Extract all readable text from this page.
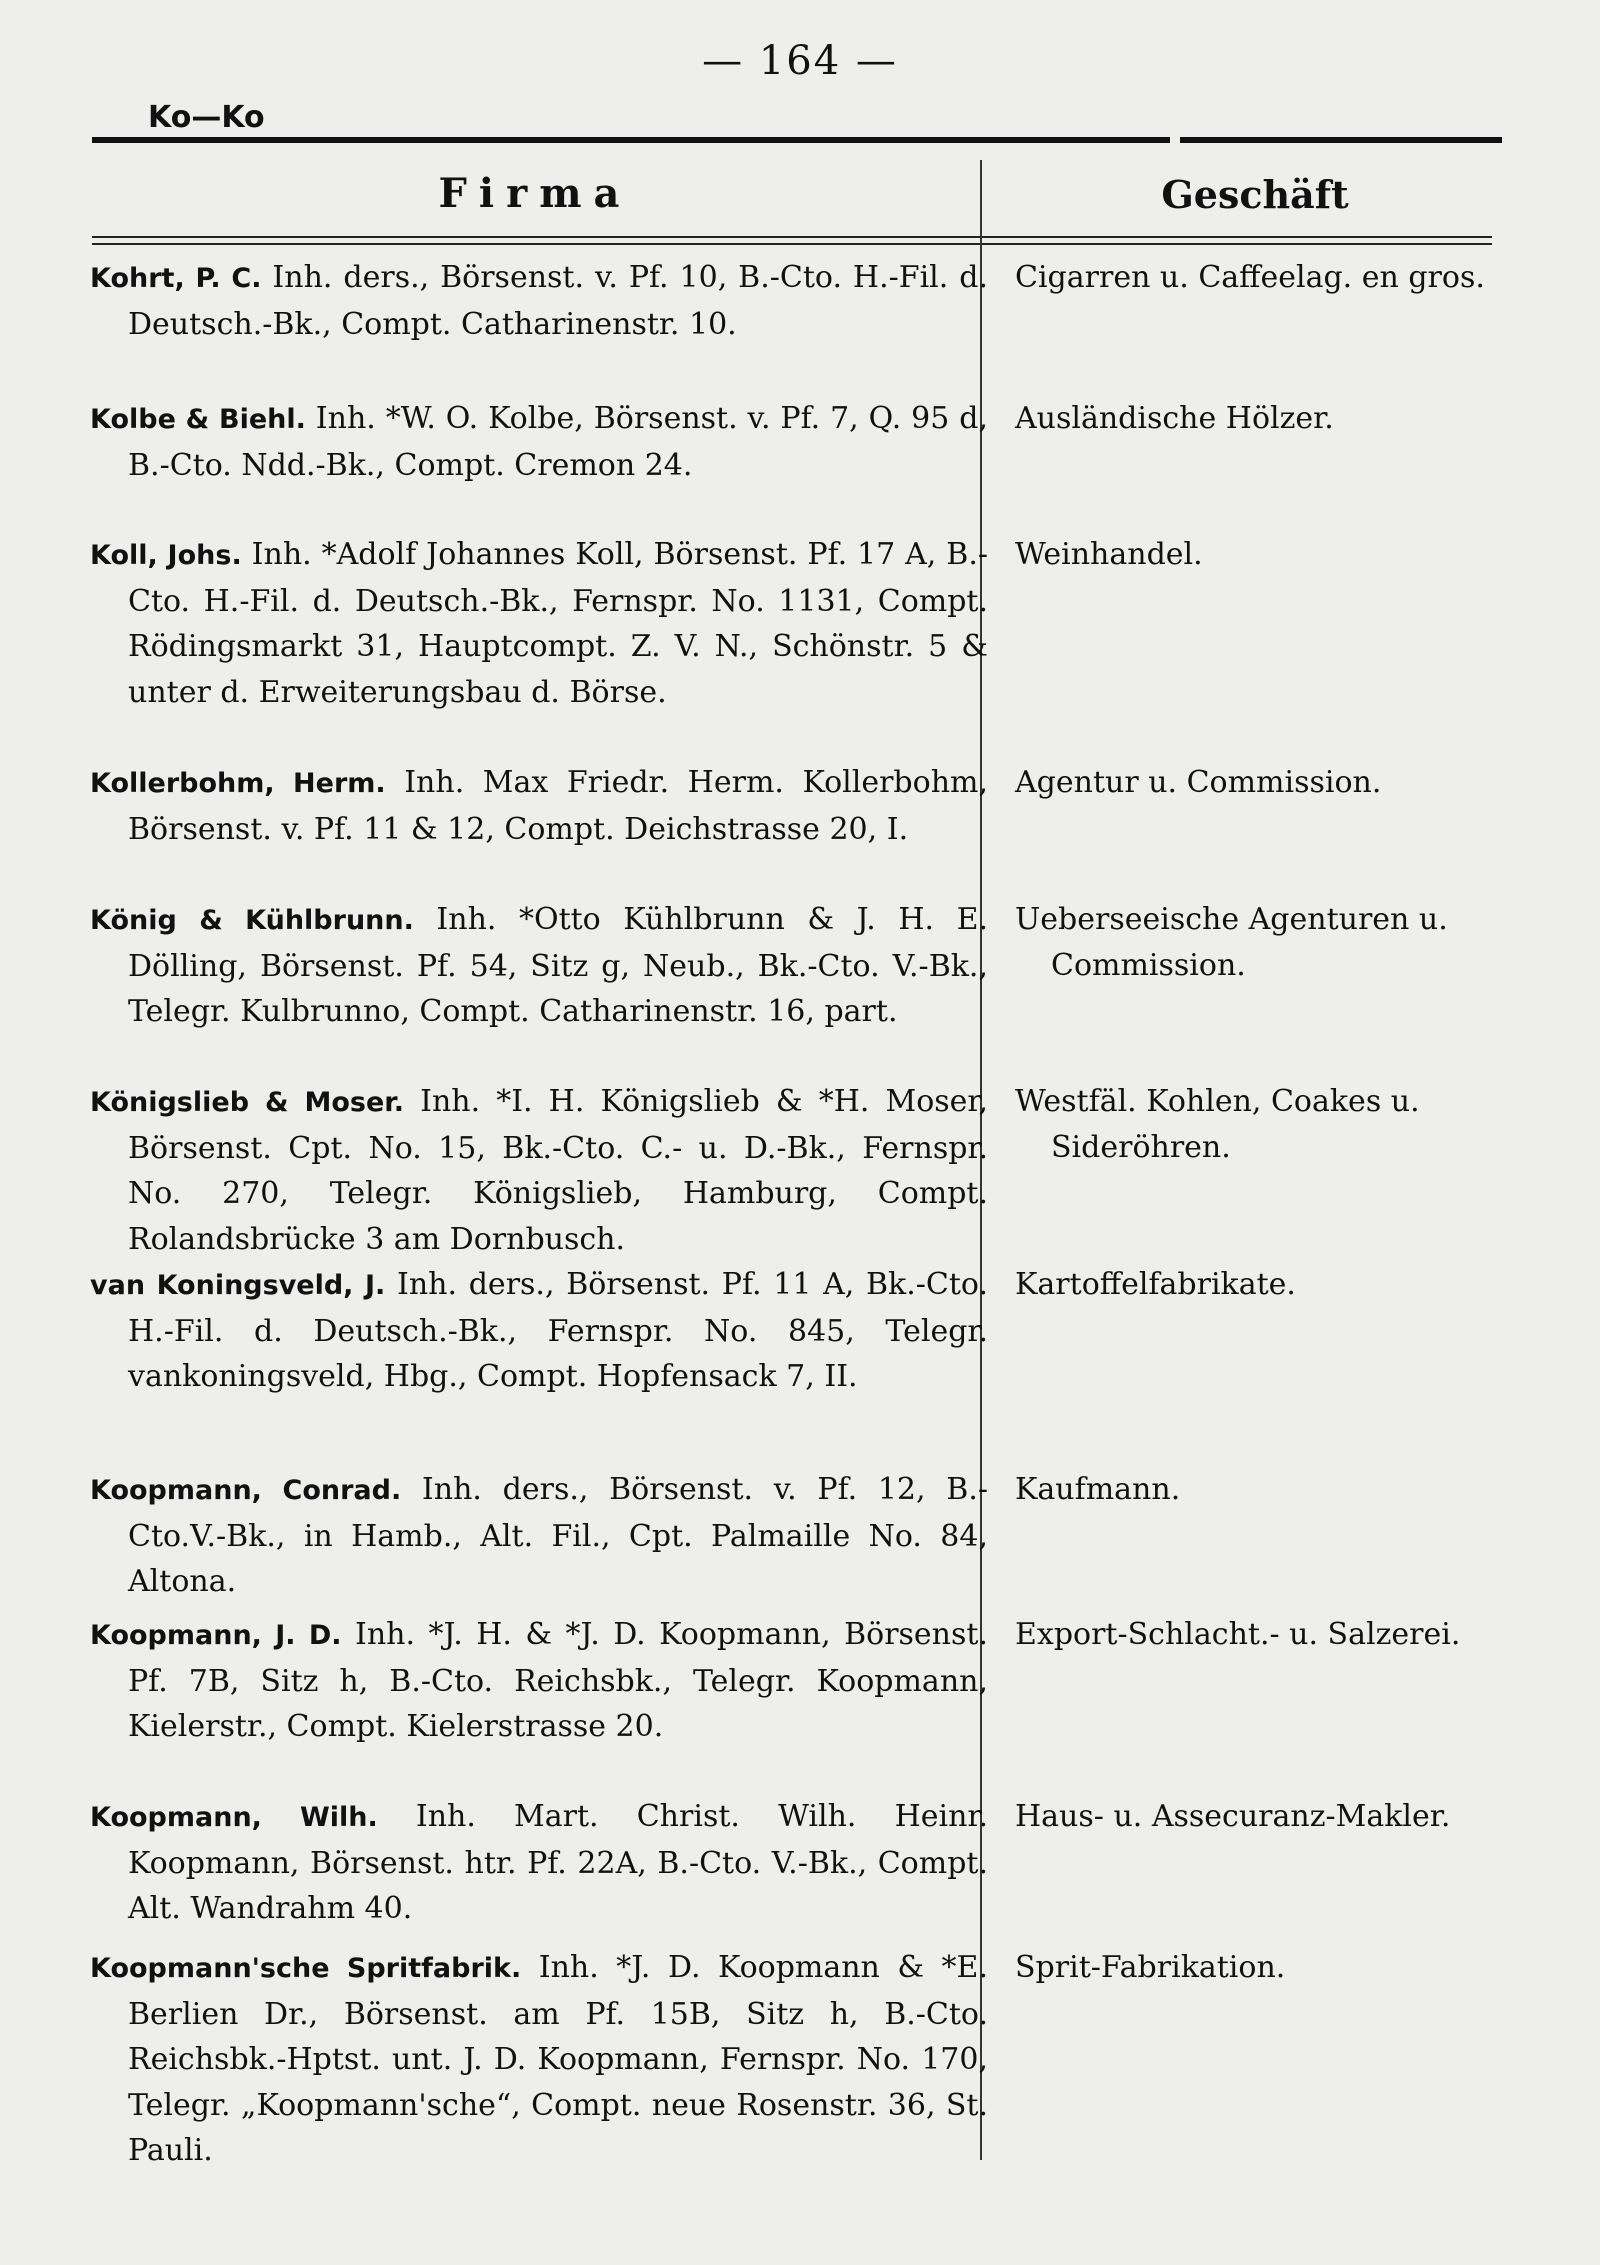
— 164 —
Ko—Ko
Firma	Geschäft
Kohrt, P. C. Inh. ders., Börsenst. v. Pf. 10, B.-Cto. H.-Fil. d. Deutsch.-Bk., Compt. Catharinenstr. 10.
Cigarren u. Caffeelag. en gros.
Kolbe & Biehl. Inh. *W. O. Kolbe, Börsenst. v. Pf. 7, Q. 95 d, B.-Cto. Ndd.-Bk., Compt. Cremon 24.
Ausländische Hölzer.
Koll, Johs. Inh. *Adolf Johannes Koll, Börsenst. Pf. 17 A, B.-Cto. H.-Fil. d. Deutsch.-Bk., Fernspr. No. 1131, Compt. Rödingsmarkt 31, Hauptcompt. Z. V. N., Schönstr. 5 & unter d. Erweiterungsbau d. Börse.
Weinhandel.
Kollerbohm, Herm. Inh. Max Friedr. Herm. Kollerbohm, Börsenst. v. Pf. 11 & 12, Compt. Deichstrasse 20, I.
Agentur u. Commission.
König & Kühlbrunn. Inh. *Otto Kühlbrunn & J. H. E. Dölling, Börsenst. Pf. 54, Sitz g, Neub., Bk.-Cto. V.-Bk., Telegr. Kulbrunno, Compt. Catharinenstr. 16, part.
Ueberseeische Agenturen u. Commission.
Königslieb & Moser. Inh. *I. H. Königslieb & *H. Moser, Börsenst. Cpt. No. 15, Bk.-Cto. C.- u. D.-Bk., Fernspr. No. 270, Telegr. Königslieb, Hamburg, Compt. Rolandsbrücke 3 am Dornbusch.
Westfäl. Kohlen, Coakes u. Sideröhren.
van Koningsveld, J. Inh. ders., Börsenst. Pf. 11 A, Bk.-Cto. H.-Fil. d. Deutsch.-Bk., Fernspr. No. 845, Telegr. vankoningsveld, Hbg., Compt. Hopfensack 7, II.
Kartoffelfabrikate.
Koopmann, Conrad. Inh. ders., Börsenst. v. Pf. 12, B.-Cto.V.-Bk., in Hamb., Alt. Fil., Cpt. Palmaille No. 84, Altona.
Kaufmann.
Koopmann, J. D. Inh. *J. H. & *J. D. Koopmann, Börsenst. Pf. 7B, Sitz h, B.-Cto. Reichsbk., Telegr. Koopmann, Kielerstr., Compt. Kielerstrasse 20.
Export-Schlacht.- u. Salzerei.
Koopmann, Wilh. Inh. Mart. Christ. Wilh. Heinr. Koopmann, Börsenst. htr. Pf. 22A, B.-Cto. V.-Bk., Compt. Alt. Wandrahm 40.
Haus- u. Assecuranz-Makler.
Koopmann'sche Spritfabrik. Inh. *J. D. Koopmann & *E. Berlien Dr., Börsenst. am Pf. 15B, Sitz h, B.-Cto. Reichsbk.-Hptst. unt. J. D. Koopmann, Fernspr. No. 170, Telegr. „Koopmann'sche“, Compt. neue Rosenstr. 36, St. Pauli.
Sprit-Fabrikation.
